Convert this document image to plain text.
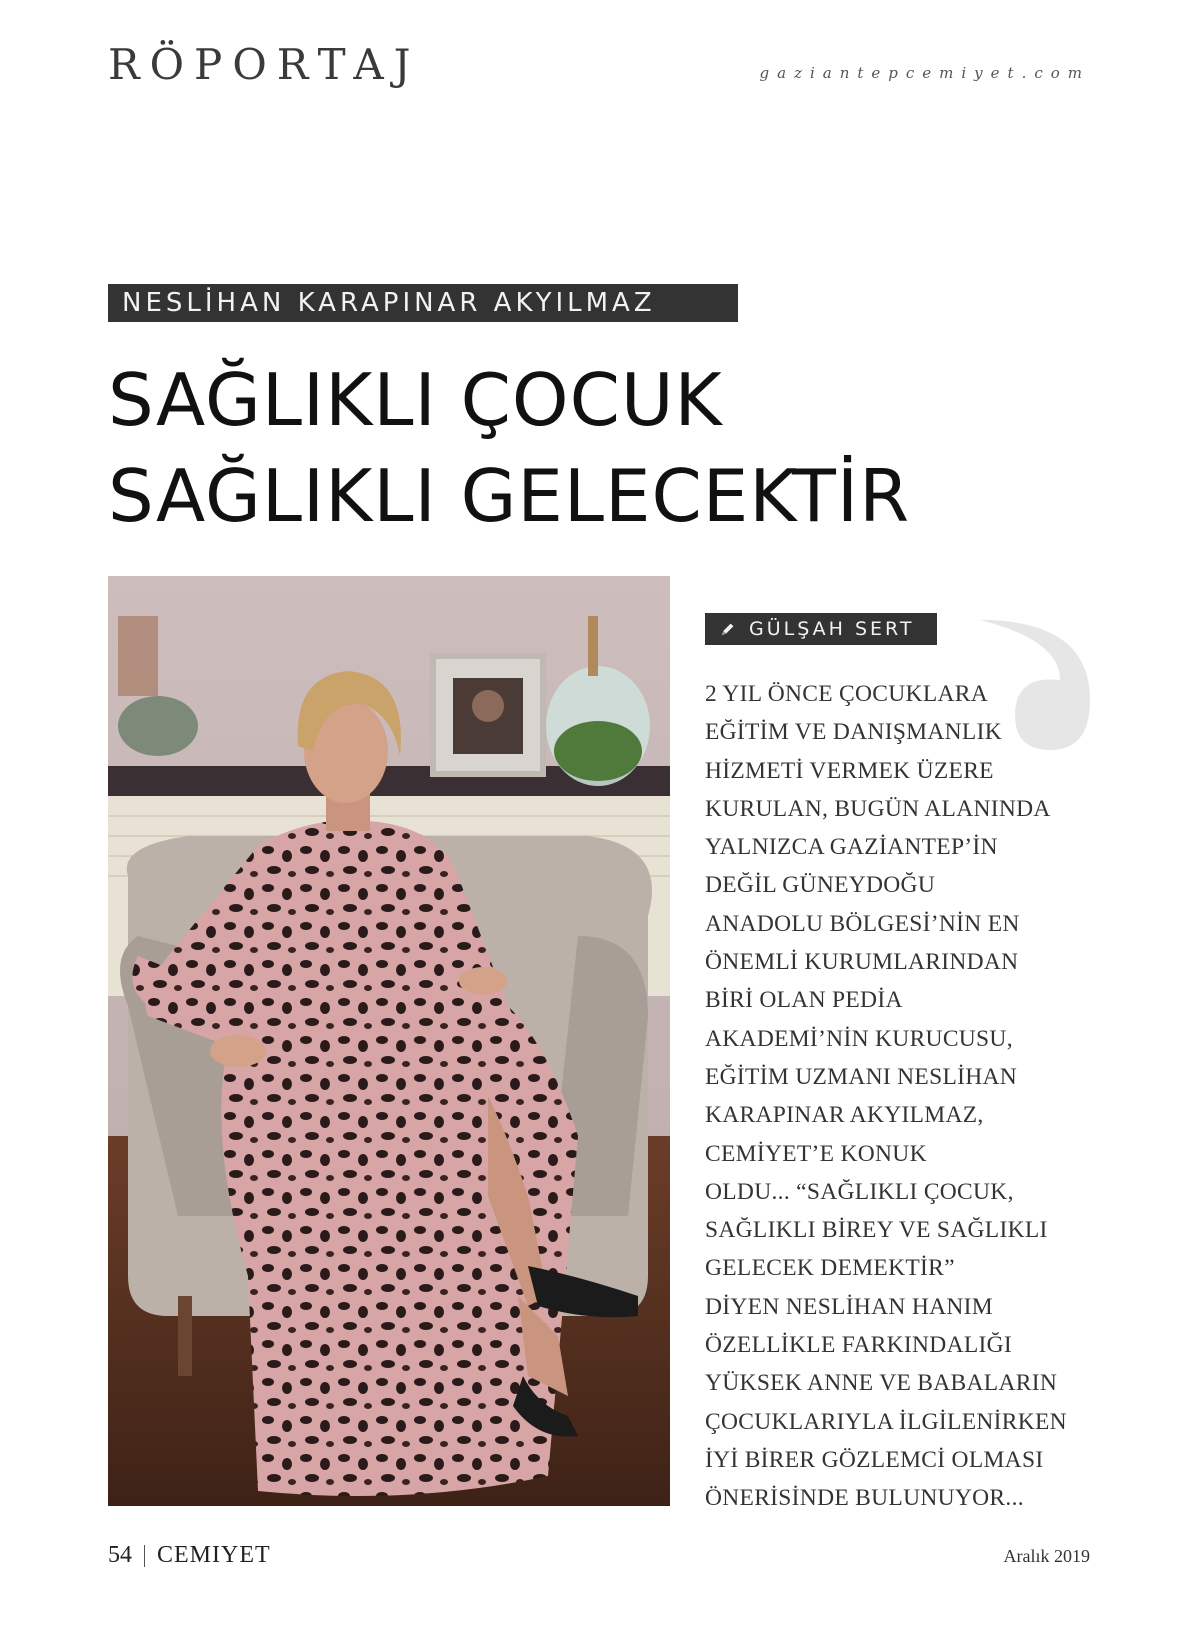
RÖPORTAJ	gaziantepcemiyet.com
NESLİHAN KARAPINAR AKYILMAZ
SAĞLIKLI ÇOCUK
SAĞLIKLI GELECEKTİR
GÜLŞAH SERT

2 YIL ÖNCE ÇOCUKLARA
EĞİTİM VE DANIŞMANLIK
HİZMETİ VERMEK ÜZERE
KURULAN, BUGÜN ALANINDA
YALNIZCA GAZİANTEP’İN
DEĞİL GÜNEYDOĞU
ANADOLU BÖLGESİ’NİN EN
ÖNEMLİ KURUMLARINDAN
BİRİ OLAN PEDİA
AKADEMİ’NİN KURUCUSU,
EĞİTİM UZMANI NESLİHAN
KARAPINAR AKYILMAZ,
CEMİYET’E KONUK
OLDU... “SAĞLIKLI ÇOCUK,
SAĞLIKLI BİREY VE SAĞLIKLI
GELECEK DEMEKTİR”
DİYEN NESLİHAN HANIM
ÖZELLİKLE FARKINDALIĞI
YÜKSEK ANNE VE BABALARIN
ÇOCUKLARIYLA İLGİLENİRKEN
İYİ BİRER GÖZLEMCİ OLMASI
ÖNERİSİNDE BULUNUYOR...

54 CEMIYET	Aralık 2019
